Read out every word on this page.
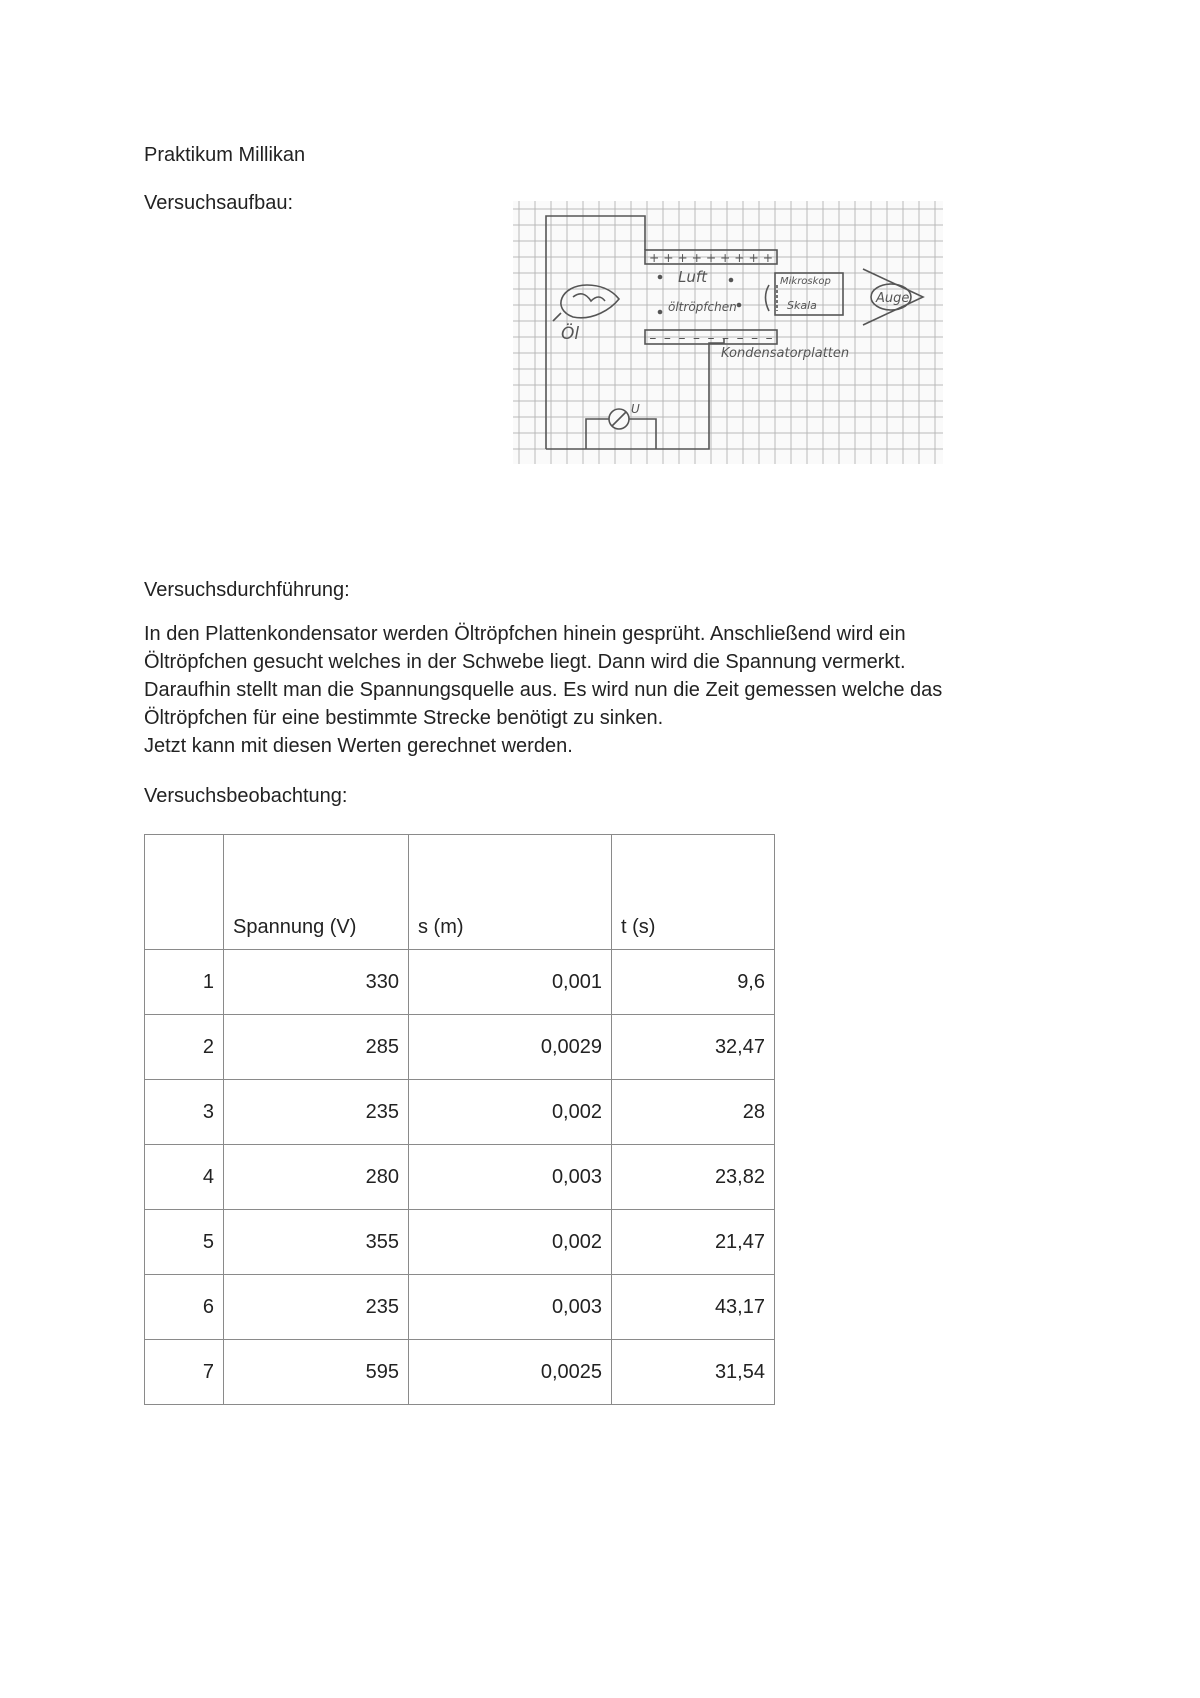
Praktikum Millikan
Versuchsaufbau:
+ + + + + + + + +
- - - - - - - - -
Luft
öltröpfchen
Mikroskop
Skala	Auge
Öl
Kondensatorplatten
U
Versuchsdurchführung:

In den Plattenkondensator werden Öltröpfchen hinein gesprüht. Anschließend wird ein

Öltröpfchen gesucht welches in der Schwebe liegt. Dann wird die Spannung vermerkt.

Daraufhin stellt man die Spannungsquelle aus. Es wird nun die Zeit gemessen welche das

Öltröpfchen für eine bestimmte Strecke benötigt zu sinken.

Jetzt kann mit diesen Werten gerechnet werden.

Versuchsbeobachtung:
	Spannung (V)	s (m)	t (s)
1	330	0,001	9,6
2	285	0,0029	32,47
3	235	0,002	28
4	280	0,003	23,82
5	355	0,002	21,47
6	235	0,003	43,17
7	595	0,0025	31,54
